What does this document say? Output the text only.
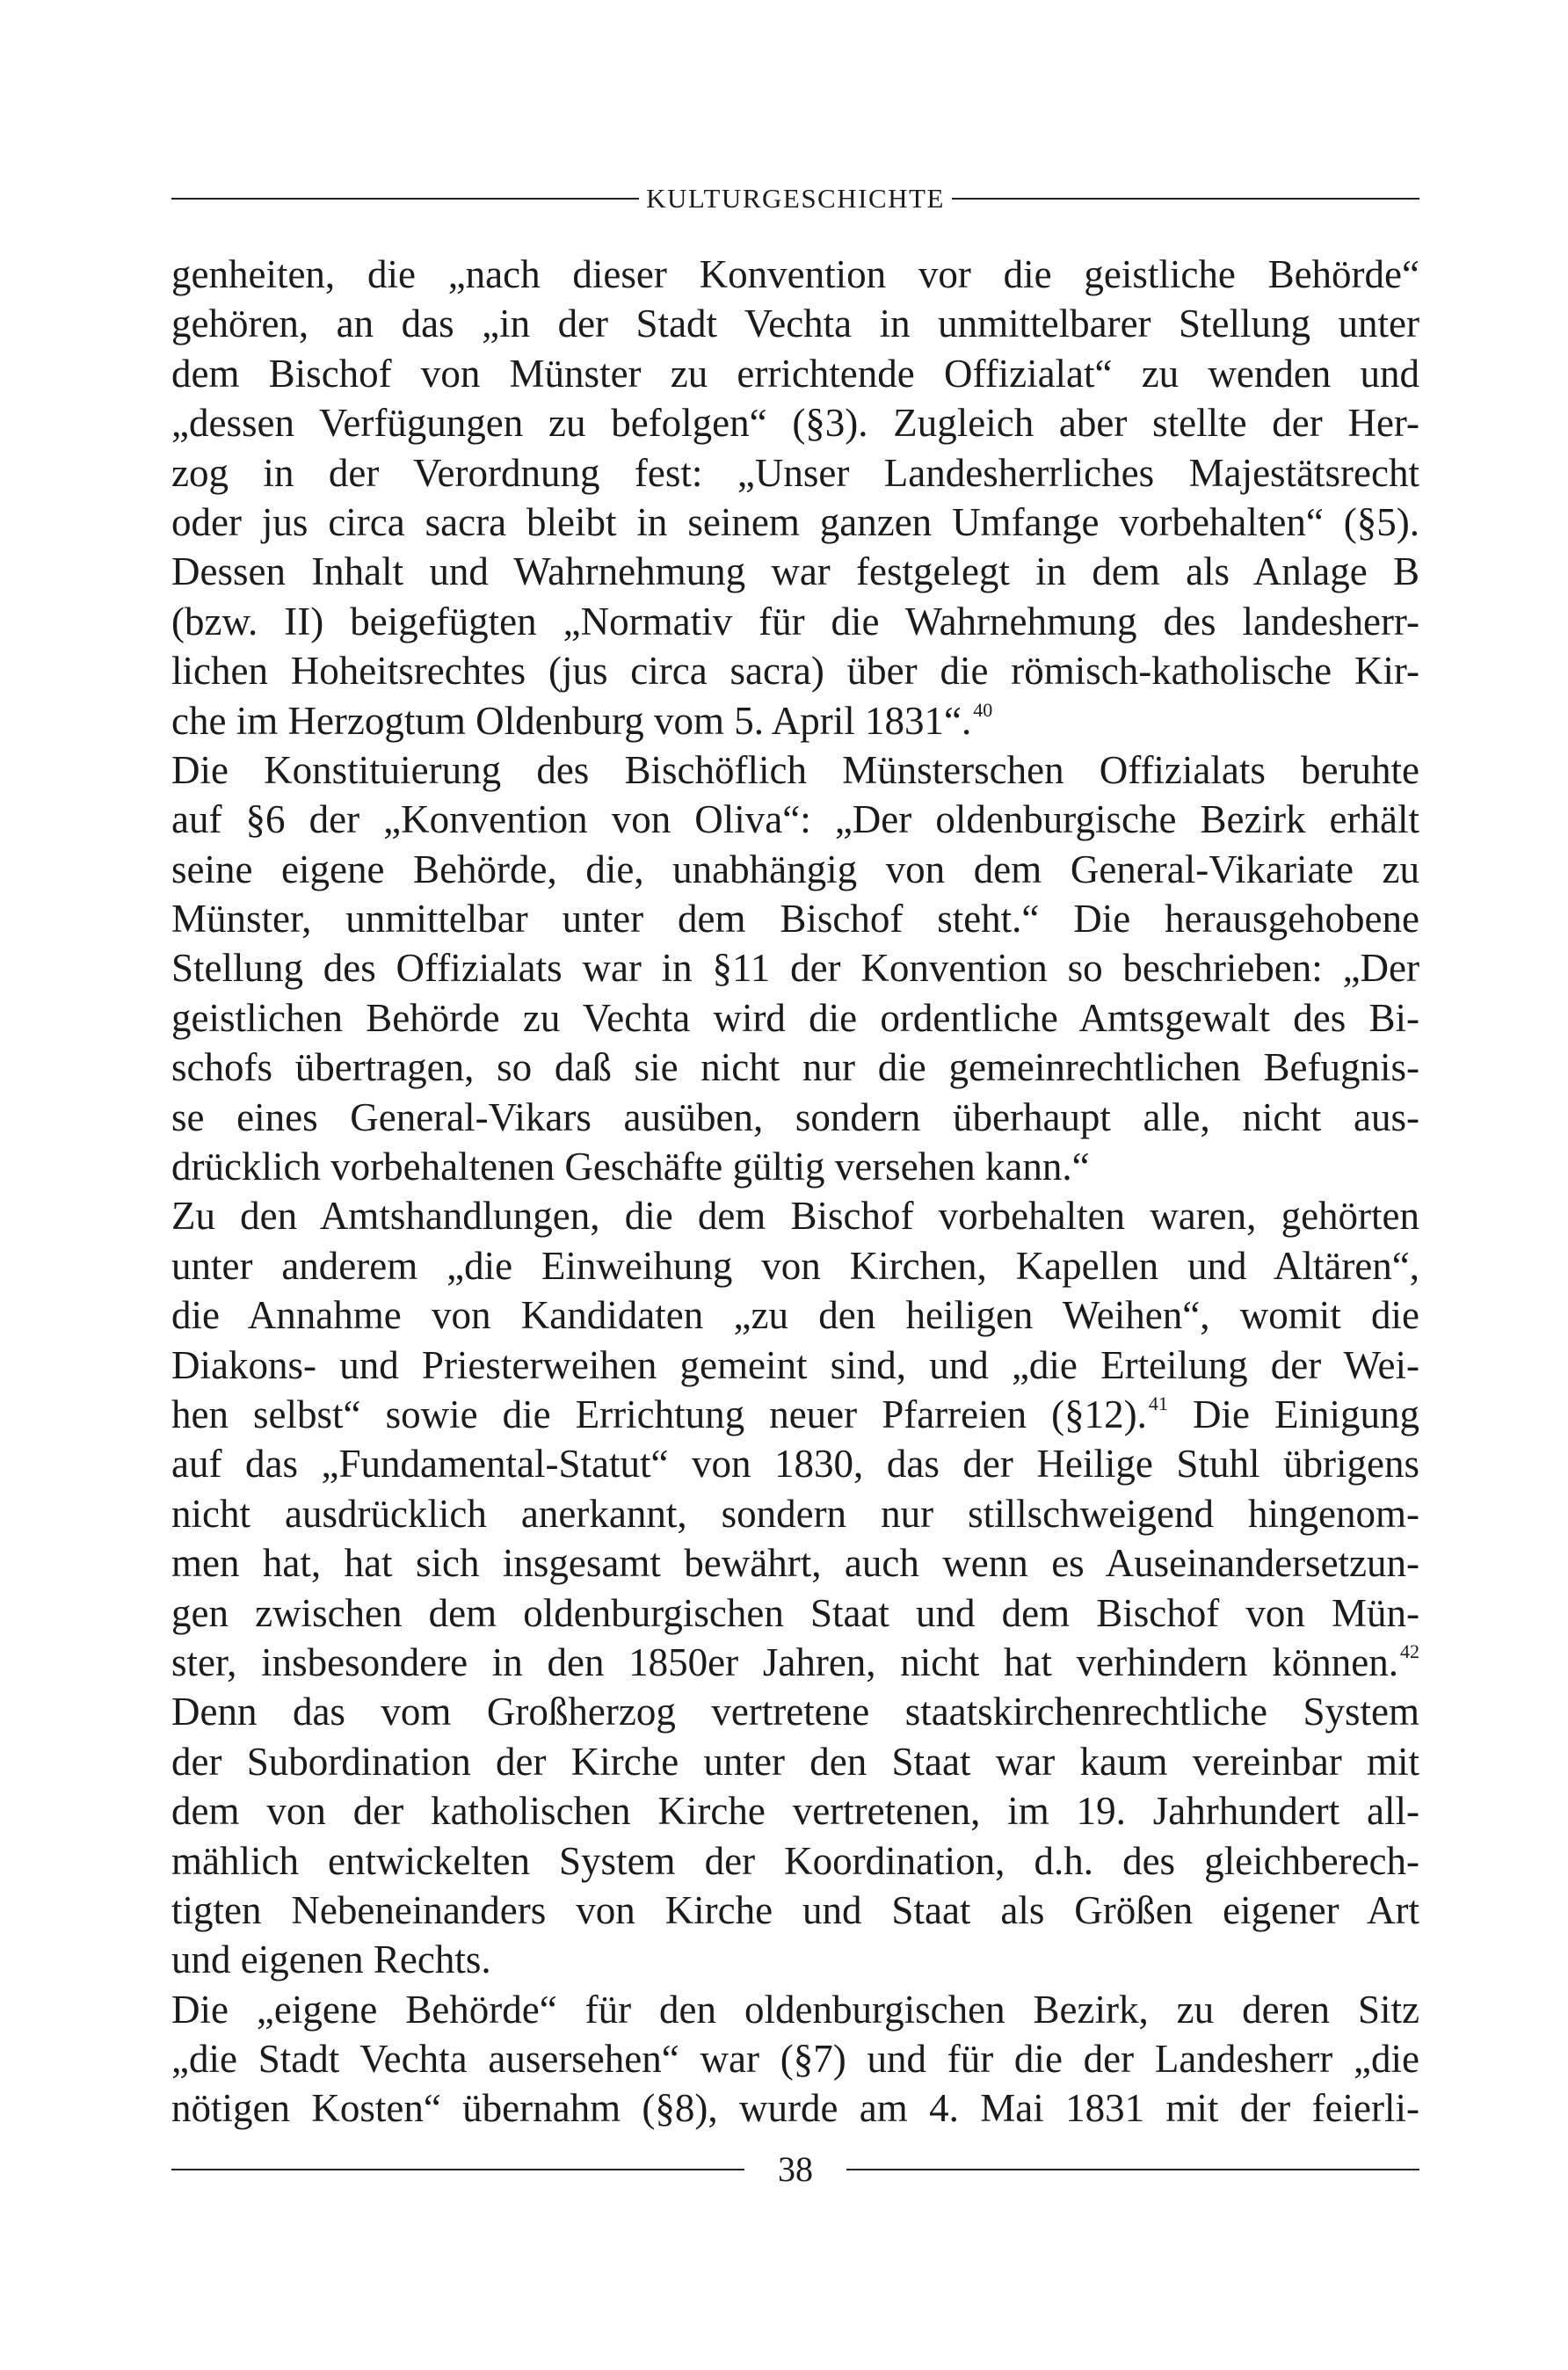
KULTURGESCHICHTE
genheiten, die „nach dieser Konvention vor die geistliche Behörde“
gehören, an das „in der Stadt Vechta in unmittelbarer Stellung unter
dem Bischof von Münster zu errichtende Offizialat“ zu wenden und
„dessen Verfügungen zu befolgen“ (§3). Zugleich aber stellte der Her-
zog in der Verordnung fest: „Unser Landesherrliches Majestätsrecht
oder jus circa sacra bleibt in seinem ganzen Umfange vorbehalten“ (§5).
Dessen Inhalt und Wahrnehmung war festgelegt in dem als Anlage B
(bzw. II) beigefügten „Normativ für die Wahrnehmung des landesherr-
lichen Hoheitsrechtes (jus circa sacra) über die römisch-katholische Kir-
che im Herzogtum Oldenburg vom 5. April 1831“.$^{40}$
Die Konstituierung des Bischöflich Münsterschen Offizialats beruhte
auf §6 der „Konvention von Oliva“: „Der oldenburgische Bezirk erhält
seine eigene Behörde, die, unabhängig von dem General-Vikariate zu
Münster, unmittelbar unter dem Bischof steht.“ Die herausgehobene
Stellung des Offizialats war in §11 der Konvention so beschrieben: „Der
geistlichen Behörde zu Vechta wird die ordentliche Amtsgewalt des Bi-
schofs übertragen, so daß sie nicht nur die gemeinrechtlichen Befugnis-
se eines General-Vikars ausüben, sondern überhaupt alle, nicht aus-
drücklich vorbehaltenen Geschäfte gültig versehen kann.“
Zu den Amtshandlungen, die dem Bischof vorbehalten waren, gehörten
unter anderem „die Einweihung von Kirchen, Kapellen und Altären“,
die Annahme von Kandidaten „zu den heiligen Weihen“, womit die
Diakons- und Priesterweihen gemeint sind, und „die Erteilung der Wei-
hen selbst“ sowie die Errichtung neuer Pfarreien (§12).$^{41}$ Die Einigung
auf das „Fundamental-Statut“ von 1830, das der Heilige Stuhl übrigens
nicht ausdrücklich anerkannt, sondern nur stillschweigend hingenom-
men hat, hat sich insgesamt bewährt, auch wenn es Auseinandersetzun-
gen zwischen dem oldenburgischen Staat und dem Bischof von Mün-
ster, insbesondere in den 1850er Jahren, nicht hat verhindern können.$^{42}$
Denn das vom Großherzog vertretene staatskirchenrechtliche System
der Subordination der Kirche unter den Staat war kaum vereinbar mit
dem von der katholischen Kirche vertretenen, im 19. Jahrhundert all-
mählich entwickelten System der Koordination, d.h. des gleichberech-
tigten Nebeneinanders von Kirche und Staat als Größen eigener Art
und eigenen Rechts.
Die „eigene Behörde“ für den oldenburgischen Bezirk, zu deren Sitz
„die Stadt Vechta ausersehen“ war (§7) und für die der Landesherr „die
nötigen Kosten“ übernahm (§8), wurde am 4. Mai 1831 mit der feierli-
38
